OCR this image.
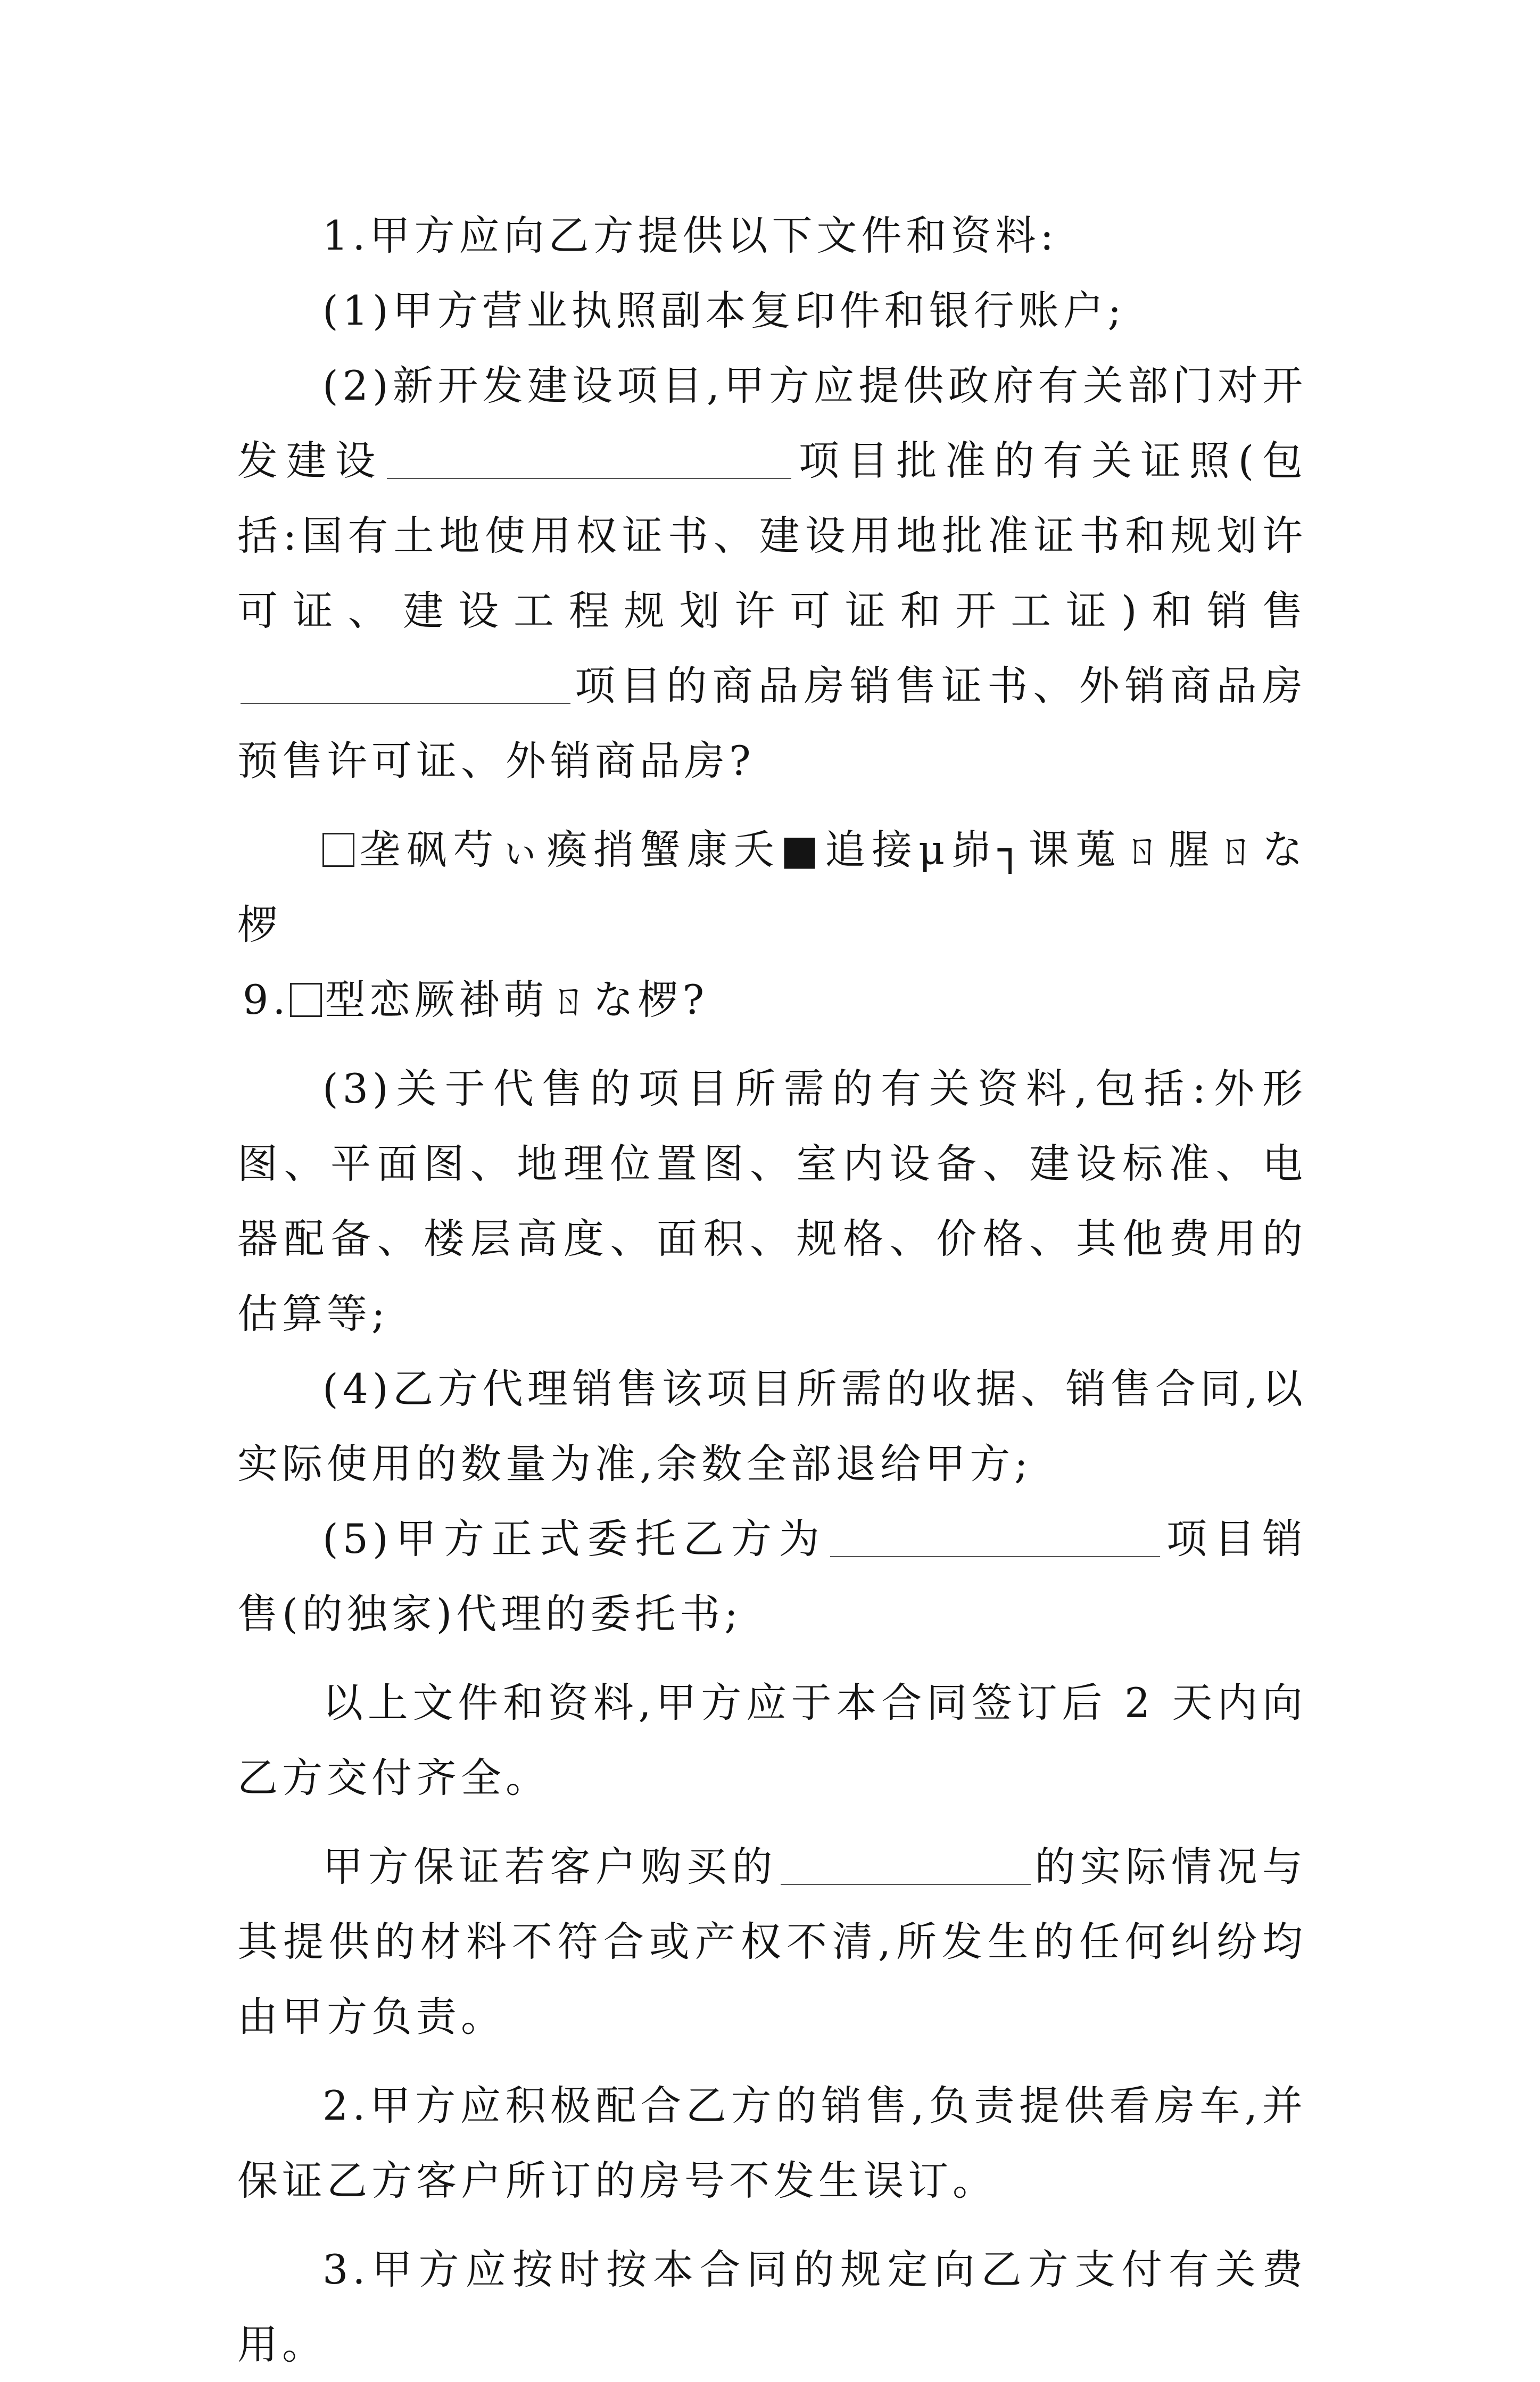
1.甲方应向乙方提供以下文件和资料:

(1)甲方营业执照副本复印件和银行账户;

(2)新开发建设项目,甲方应提供政府有关部门对开发建设	项目批准的有关证照(包括:国有土地使用权证书、建设用地批准证书和规划许可证、建设工程规划许可证和开工证)和销售项目的商品房销售证书、外销商品房预售许可证、外销商品房?

垄砜芍ぃ瘓捎蟹康夭■追接μ峁┐课蒐ㄖ腥ㄖな椤

9. 型恋厥褂萌ㄖな椤?

(3)关于代售的项目所需的有关资料,包括:外形图、平面图、地理位置图、室内设备、建设标准、电器配备、楼层高度、面积、规格、价格、其他费用的估算等;

(4)乙方代理销售该项目所需的收据、销售合同,以实际使用的数量为准,余数全部退给甲方;

(5)甲方正式委托乙方为	项目销售(的独家)代理的委托书;

以上文件和资料,甲方应于本合同签订后 2 天内向乙方交付齐全。

甲方保证若客户购买的	的实际情况与其提供的材料不符合或产权不清,所发生的任何纠纷均由甲方负责。

2.甲方应积极配合乙方的销售,负责提供看房车,并保证乙方客户所订的房号不发生误订。

3.甲方应按时按本合同的规定向乙方支付有关费用。
